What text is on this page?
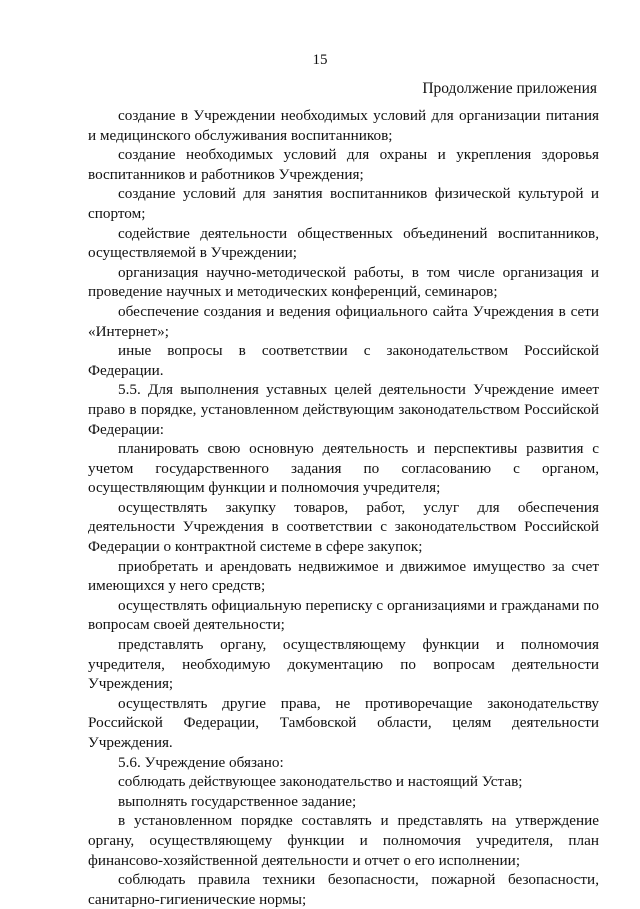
15
Продолжение приложения

создание в Учреждении необходимых условий для организации питания и медицинского обслуживания воспитанников;

создание необходимых условий для охраны и укрепления здоровья воспитанников и работников Учреждения;

создание условий для занятия воспитанников физической культурой и спортом;

содействие деятельности общественных объединений воспитанников, осуществляемой в Учреждении;

организация научно-методической работы, в том числе организация и проведение научных и методических конференций, семинаров;

обеспечение создания и ведения официального сайта Учреждения в сети «Интернет»;

иные вопросы в соответствии с законодательством Российской Федерации.

5.5. Для выполнения уставных целей деятельности Учреждение имеет право в порядке, установленном действующим законодательством Российской Федерации:

планировать свою основную деятельность и перспективы развития с учетом государственного задания по согласованию с органом, осуществляющим функции и полномочия учредителя;

осуществлять закупку товаров, работ, услуг для обеспечения деятельности Учреждения в соответствии с законодательством Российской Федерации о контрактной системе в сфере закупок;

приобретать и арендовать недвижимое и движимое имущество за счет имеющихся у него средств;

осуществлять официальную переписку с организациями и гражданами по вопросам своей деятельности;

представлять органу, осуществляющему функции и полномочия учредителя, необходимую документацию по вопросам деятельности Учреждения;

осуществлять другие права, не противоречащие законодательству Российской Федерации, Тамбовской области, целям деятельности Учреждения.

5.6. Учреждение обязано:

соблюдать действующее законодательство и настоящий Устав;

выполнять государственное задание;

в установленном порядке составлять и представлять на утверждение органу, осуществляющему функции и полномочия учредителя, план финансово-хозяйственной деятельности и отчет о его исполнении;

соблюдать правила техники безопасности, пожарной безопасности, санитарно-гигиенические нормы;
